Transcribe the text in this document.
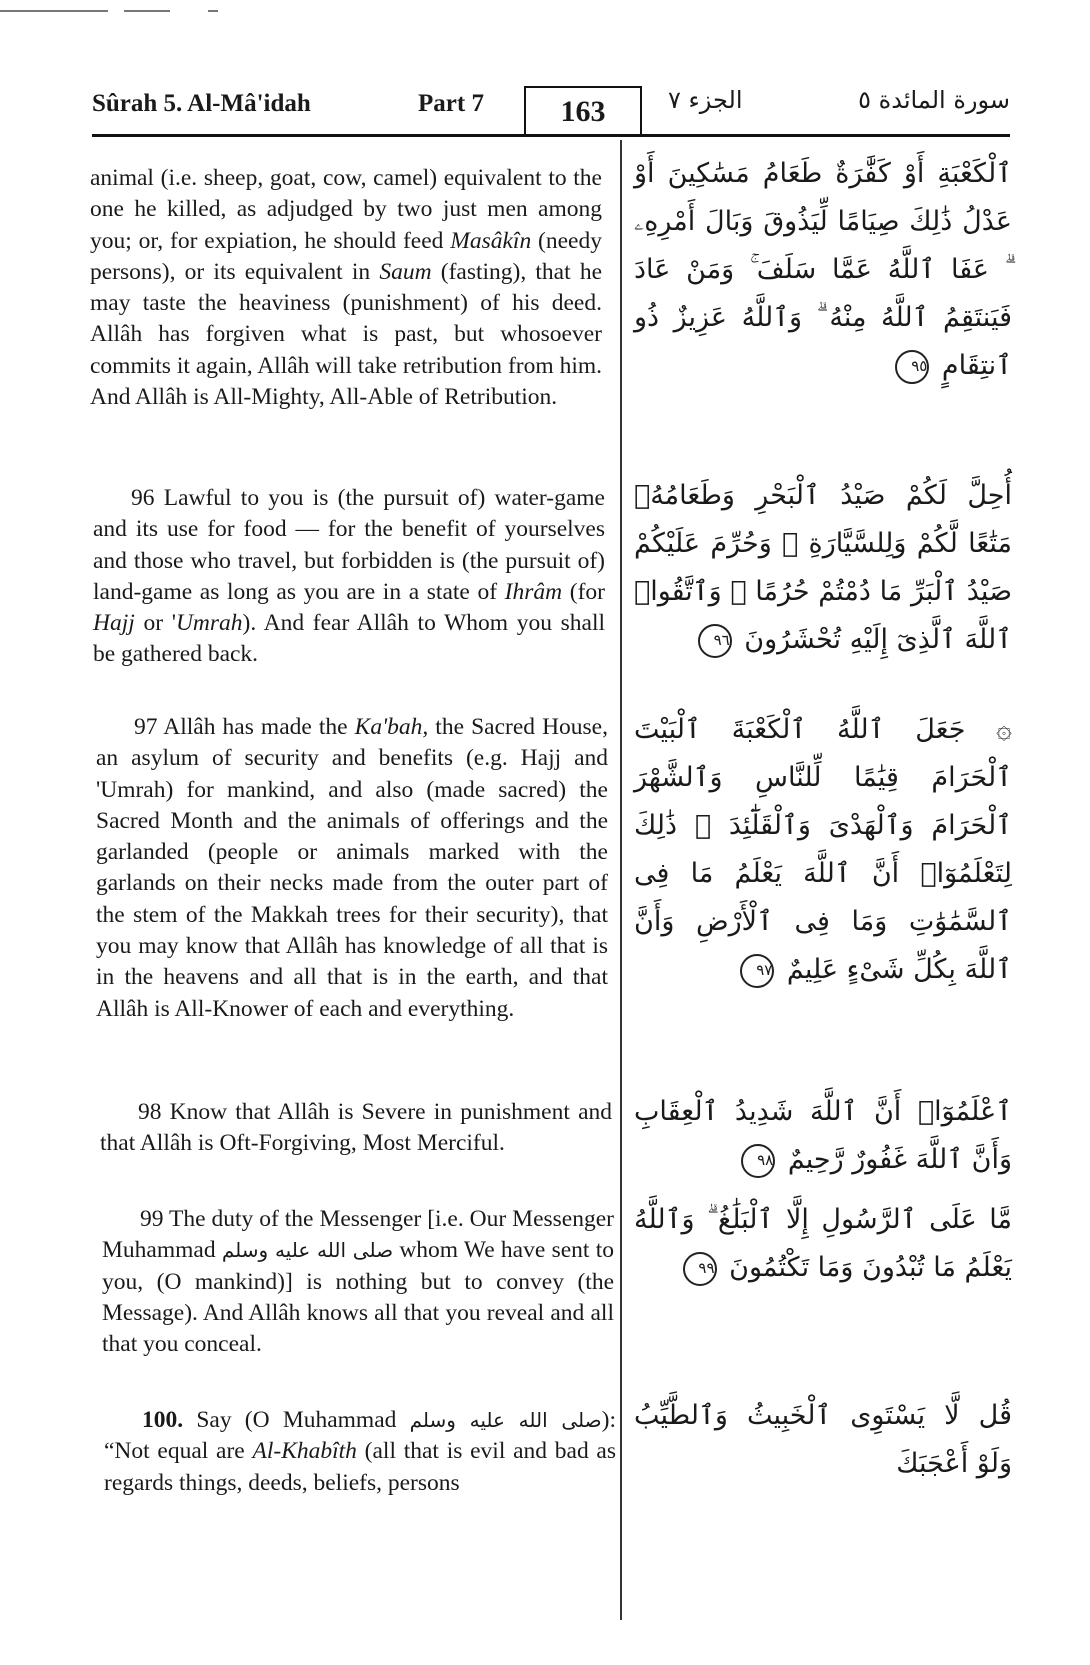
Sûrah 5. Al-Mâ'idah	Part 7	163	الجزء ٧	سورة المائدة ٥

animal (i.e. sheep, goat, cow, camel) equivalent to the one he killed, as adjudged by two just men among you; or, for expiation, he should feed Masâkîn (needy persons), or its equivalent in Saum (fasting), that he may taste the heaviness (punishment) of his deed. Allâh has forgiven what is past, but whosoever commits it again, Allâh will take retribution from him. And Allâh is All-Mighty, All-Able of Retribution.

96 Lawful to you is (the pursuit of) water-game and its use for food — for the benefit of yourselves and those who travel, but forbidden is (the pursuit of) land-game as long as you are in a state of Ihrâm (for Hajj or 'Umrah). And fear Allâh to Whom you shall be gathered back.

97 Allâh has made the Ka'bah, the Sacred House, an asylum of security and benefits (e.g. Hajj and 'Umrah) for mankind, and also (made sacred) the Sacred Month and the animals of offerings and the garlanded (people or animals marked with the garlands on their necks made from the outer part of the stem of the Makkah trees for their security), that you may know that Allâh has knowledge of all that is in the heavens and all that is in the earth, and that Allâh is All-Knower of each and everything.

98 Know that Allâh is Severe in punishment and that Allâh is Oft-Forgiving, Most Merciful.

99 The duty of the Messenger [i.e. Our Messenger Muhammad صلى الله عليه وسلم whom We have sent to you, (O mankind)] is nothing but to convey (the Message). And Allâh knows all that you reveal and all that you conceal.

100. Say (O Muhammad صلى الله عليه وسلم): “Not equal are Al-Khabîth (all that is evil and bad as regards things, deeds, beliefs, persons

ٱلْكَعْبَةِ أَوْ كَفَّٰرَةٌ طَعَامُ مَسَٰكِينَ أَوْ عَدْلُ ذَٰلِكَ صِيَامًا لِّيَذُوقَ وَبَالَ أَمْرِهِۦ ۗ عَفَا ٱللَّهُ عَمَّا سَلَفَ ۚ وَمَنْ عَادَ فَيَنتَقِمُ ٱللَّهُ مِنْهُ ۗ وَٱللَّهُ عَزِيزٌ ذُو ٱنتِقَامٍ ٩٥

أُحِلَّ لَكُمْ صَيْدُ ٱلْبَحْرِ وَطَعَامُهُۥ مَتَٰعًا لَّكُمْ وَلِلسَّيَّارَةِ ۖ وَحُرِّمَ عَلَيْكُمْ صَيْدُ ٱلْبَرِّ مَا دُمْتُمْ حُرُمًا ۗ وَٱتَّقُوا۟ ٱللَّهَ ٱلَّذِىٓ إِلَيْهِ تُحْشَرُونَ ٩٦

۞ جَعَلَ ٱللَّهُ ٱلْكَعْبَةَ ٱلْبَيْتَ ٱلْحَرَامَ قِيَٰمًا لِّلنَّاسِ وَٱلشَّهْرَ ٱلْحَرَامَ وَٱلْهَدْىَ وَٱلْقَلَٰٓئِدَ ۚ ذَٰلِكَ لِتَعْلَمُوٓا۟ أَنَّ ٱللَّهَ يَعْلَمُ مَا فِى ٱلسَّمَٰوَٰتِ وَمَا فِى ٱلْأَرْضِ وَأَنَّ ٱللَّهَ بِكُلِّ شَىْءٍ عَلِيمٌ ٩٧

ٱعْلَمُوٓا۟ أَنَّ ٱللَّهَ شَدِيدُ ٱلْعِقَابِ وَأَنَّ ٱللَّهَ غَفُورٌ رَّحِيمٌ ٩٨

مَّا عَلَى ٱلرَّسُولِ إِلَّا ٱلْبَلَٰغُ ۗ وَٱللَّهُ يَعْلَمُ مَا تُبْدُونَ وَمَا تَكْتُمُونَ ٩٩

قُل لَّا يَسْتَوِى ٱلْخَبِيثُ وَٱلطَّيِّبُ وَلَوْ أَعْجَبَكَ
